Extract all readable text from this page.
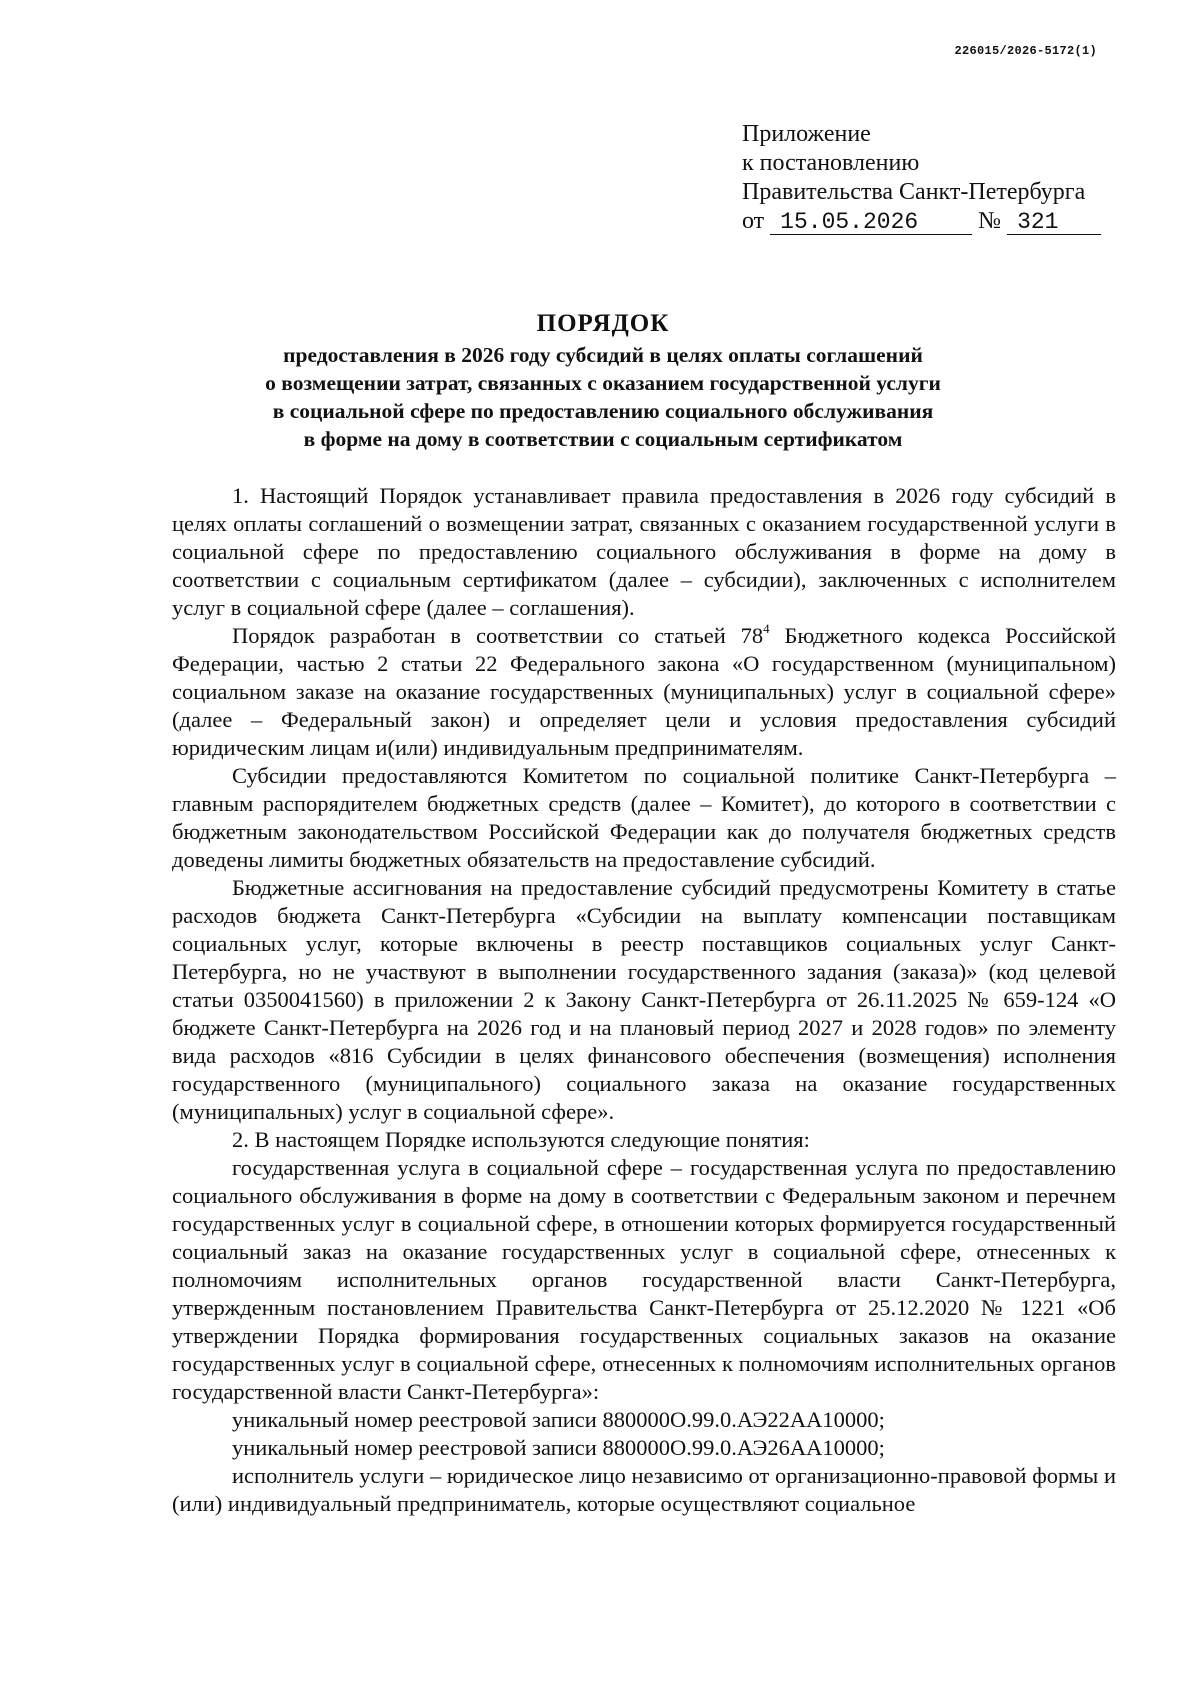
226015/2026-5172(1)
Приложение
к постановлению
Правительства Санкт-Петербурга
от 15.05.2026 № 321
ПОРЯДОК
предоставления в 2026 году субсидий в целях оплаты соглашений
о возмещении затрат, связанных с оказанием государственной услуги
в социальной сфере по предоставлению социального обслуживания
в форме на дому в соответствии с социальным сертификатом

1. Настоящий Порядок устанавливает правила предоставления в 2026 году субсидий в целях оплаты соглашений о возмещении затрат, связанных с оказанием государственной услуги в социальной сфере по предоставлению социального обслуживания в форме на дому в соответствии с социальным сертификатом (далее – субсидии), заключенных с исполнителем услуг в социальной сфере (далее – соглашения).

Порядок разработан в соответствии со статьей $78^4$ Бюджетного кодекса Российской Федерации, частью 2 статьи 22 Федерального закона «О государственном (муниципальном) социальном заказе на оказание государственных (муниципальных) услуг в социальной сфере» (далее – Федеральный закон) и определяет цели и условия предоставления субсидий юридическим лицам и(или) индивидуальным предпринимателям.

Субсидии предоставляются Комитетом по социальной политике Санкт-Петербурга – главным распорядителем бюджетных средств (далее – Комитет), до которого в соответствии с бюджетным законодательством Российской Федерации как до получателя бюджетных средств доведены лимиты бюджетных обязательств на предоставление субсидий.

Бюджетные ассигнования на предоставление субсидий предусмотрены Комитету в статье расходов бюджета Санкт-Петербурга «Субсидии на выплату компенсации поставщикам социальных услуг, которые включены в реестр поставщиков социальных услуг Санкт-Петербурга, но не участвуют в выполнении государственного задания (заказа)» (код целевой статьи 0350041560) в приложении 2 к Закону Санкт-Петербурга от 26.11.2025 № 659-124 «О бюджете Санкт-Петербурга на 2026 год и на плановый период 2027 и 2028 годов» по элементу вида расходов «816 Субсидии в целях финансового обеспечения (возмещения) исполнения государственного (муниципального) социального заказа на оказание государственных (муниципальных) услуг в социальной сфере».

2. В настоящем Порядке используются следующие понятия:

государственная услуга в социальной сфере – государственная услуга по предоставлению социального обслуживания в форме на дому в соответствии с Федеральным законом и перечнем государственных услуг в социальной сфере, в отношении которых формируется государственный социальный заказ на оказание государственных услуг в социальной сфере, отнесенных к полномочиям исполнительных органов государственной власти Санкт-Петербурга, утвержденным постановлением Правительства Санкт-Петербурга от 25.12.2020 № 1221 «Об утверждении Порядка формирования государственных социальных заказов на оказание государственных услуг в социальной сфере, отнесенных к полномочиям исполнительных органов государственной власти Санкт-Петербурга»:

уникальный номер реестровой записи 880000О.99.0.АЭ22АА10000;

уникальный номер реестровой записи 880000О.99.0.АЭ26АА10000;

исполнитель услуги – юридическое лицо независимо от организационно-правовой формы и (или) индивидуальный предприниматель, которые осуществляют социальное
